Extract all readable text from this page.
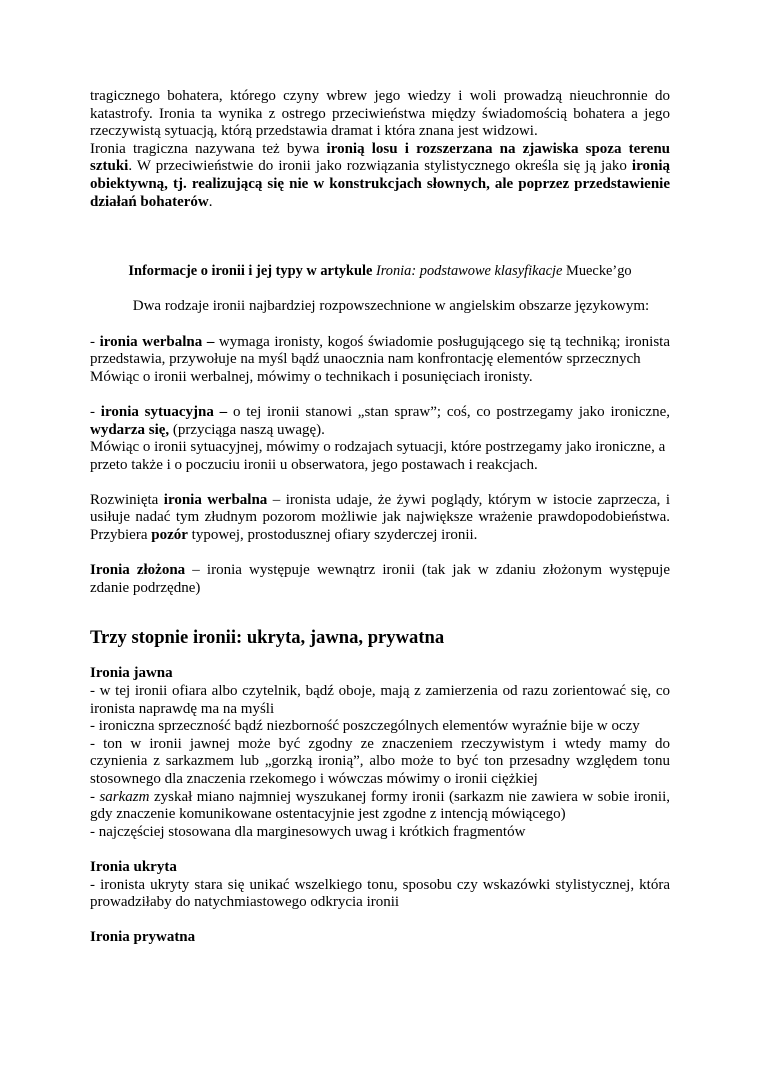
tragicznego bohatera, którego czyny wbrew jego wiedzy i woli prowadzą nieuchronnie do katastrofy. Ironia ta wynika z ostrego przeciwieństwa między świadomością bohatera a jego rzeczywistą sytuacją, którą przedstawia dramat i która znana jest widzowi.

Ironia tragiczna nazywana też bywa ironią losu i rozszerzana na zjawiska spoza terenu sztuki. W przeciwieństwie do ironii jako rozwiązania stylistycznego określa się ją jako ironią obiektywną, tj. realizującą się nie w konstrukcjach słownych, ale poprzez przedstawienie działań bohaterów.

Informacje o ironii i jej typy w artykule Ironia: podstawowe klasyfikacje Muecke’go

Dwa rodzaje ironii najbardziej rozpowszechnione w angielskim obszarze językowym:

- ironia werbalna – wymaga ironisty, kogoś świadomie posługującego się tą techniką; ironista przedstawia, przywołuje na myśl bądź unaocznia nam konfrontację elementów sprzecznych

Mówiąc o ironii werbalnej, mówimy o technikach i posunięciach ironisty.

- ironia sytuacyjna – o tej ironii stanowi „stan spraw”; coś, co postrzegamy jako ironiczne, wydarza się, (przyciąga naszą uwagę).

Mówiąc o ironii sytuacyjnej, mówimy o rodzajach sytuacji, które postrzegamy jako ironiczne, a przeto także i o poczuciu ironii u obserwatora, jego postawach i reakcjach.

Rozwinięta ironia werbalna – ironista udaje, że żywi poglądy, którym w istocie zaprzecza, i usiłuje nadać tym złudnym pozorom możliwie jak największe wrażenie prawdopodobieństwa. Przybiera pozór typowej, prostodusznej ofiary szyderczej ironii.

Ironia złożona – ironia występuje wewnątrz ironii (tak jak w zdaniu złożonym występuje zdanie podrzędne)

Trzy stopnie ironii: ukryta, jawna, prywatna

Ironia jawna

- w tej ironii ofiara albo czytelnik, bądź oboje, mają z zamierzenia od razu zorientować się, co ironista naprawdę ma na myśli

- ironiczna sprzeczność bądź niezborność poszczególnych elementów wyraźnie bije w oczy

- ton w ironii jawnej może być zgodny ze znaczeniem rzeczywistym i wtedy mamy do czynienia z sarkazmem lub „gorzką ironią”, albo może to być ton przesadny względem tonu stosownego dla znaczenia rzekomego i wówczas mówimy o ironii ciężkiej

- sarkazm zyskał miano najmniej wyszukanej formy ironii (sarkazm nie zawiera w sobie ironii, gdy znaczenie komunikowane ostentacyjnie jest zgodne z intencją mówiącego)

- najczęściej stosowana dla marginesowych uwag i krótkich fragmentów

Ironia ukryta

- ironista ukryty stara się unikać wszelkiego tonu, sposobu czy wskazówki stylistycznej, która prowadziłaby do natychmiastowego odkrycia ironii

Ironia prywatna
